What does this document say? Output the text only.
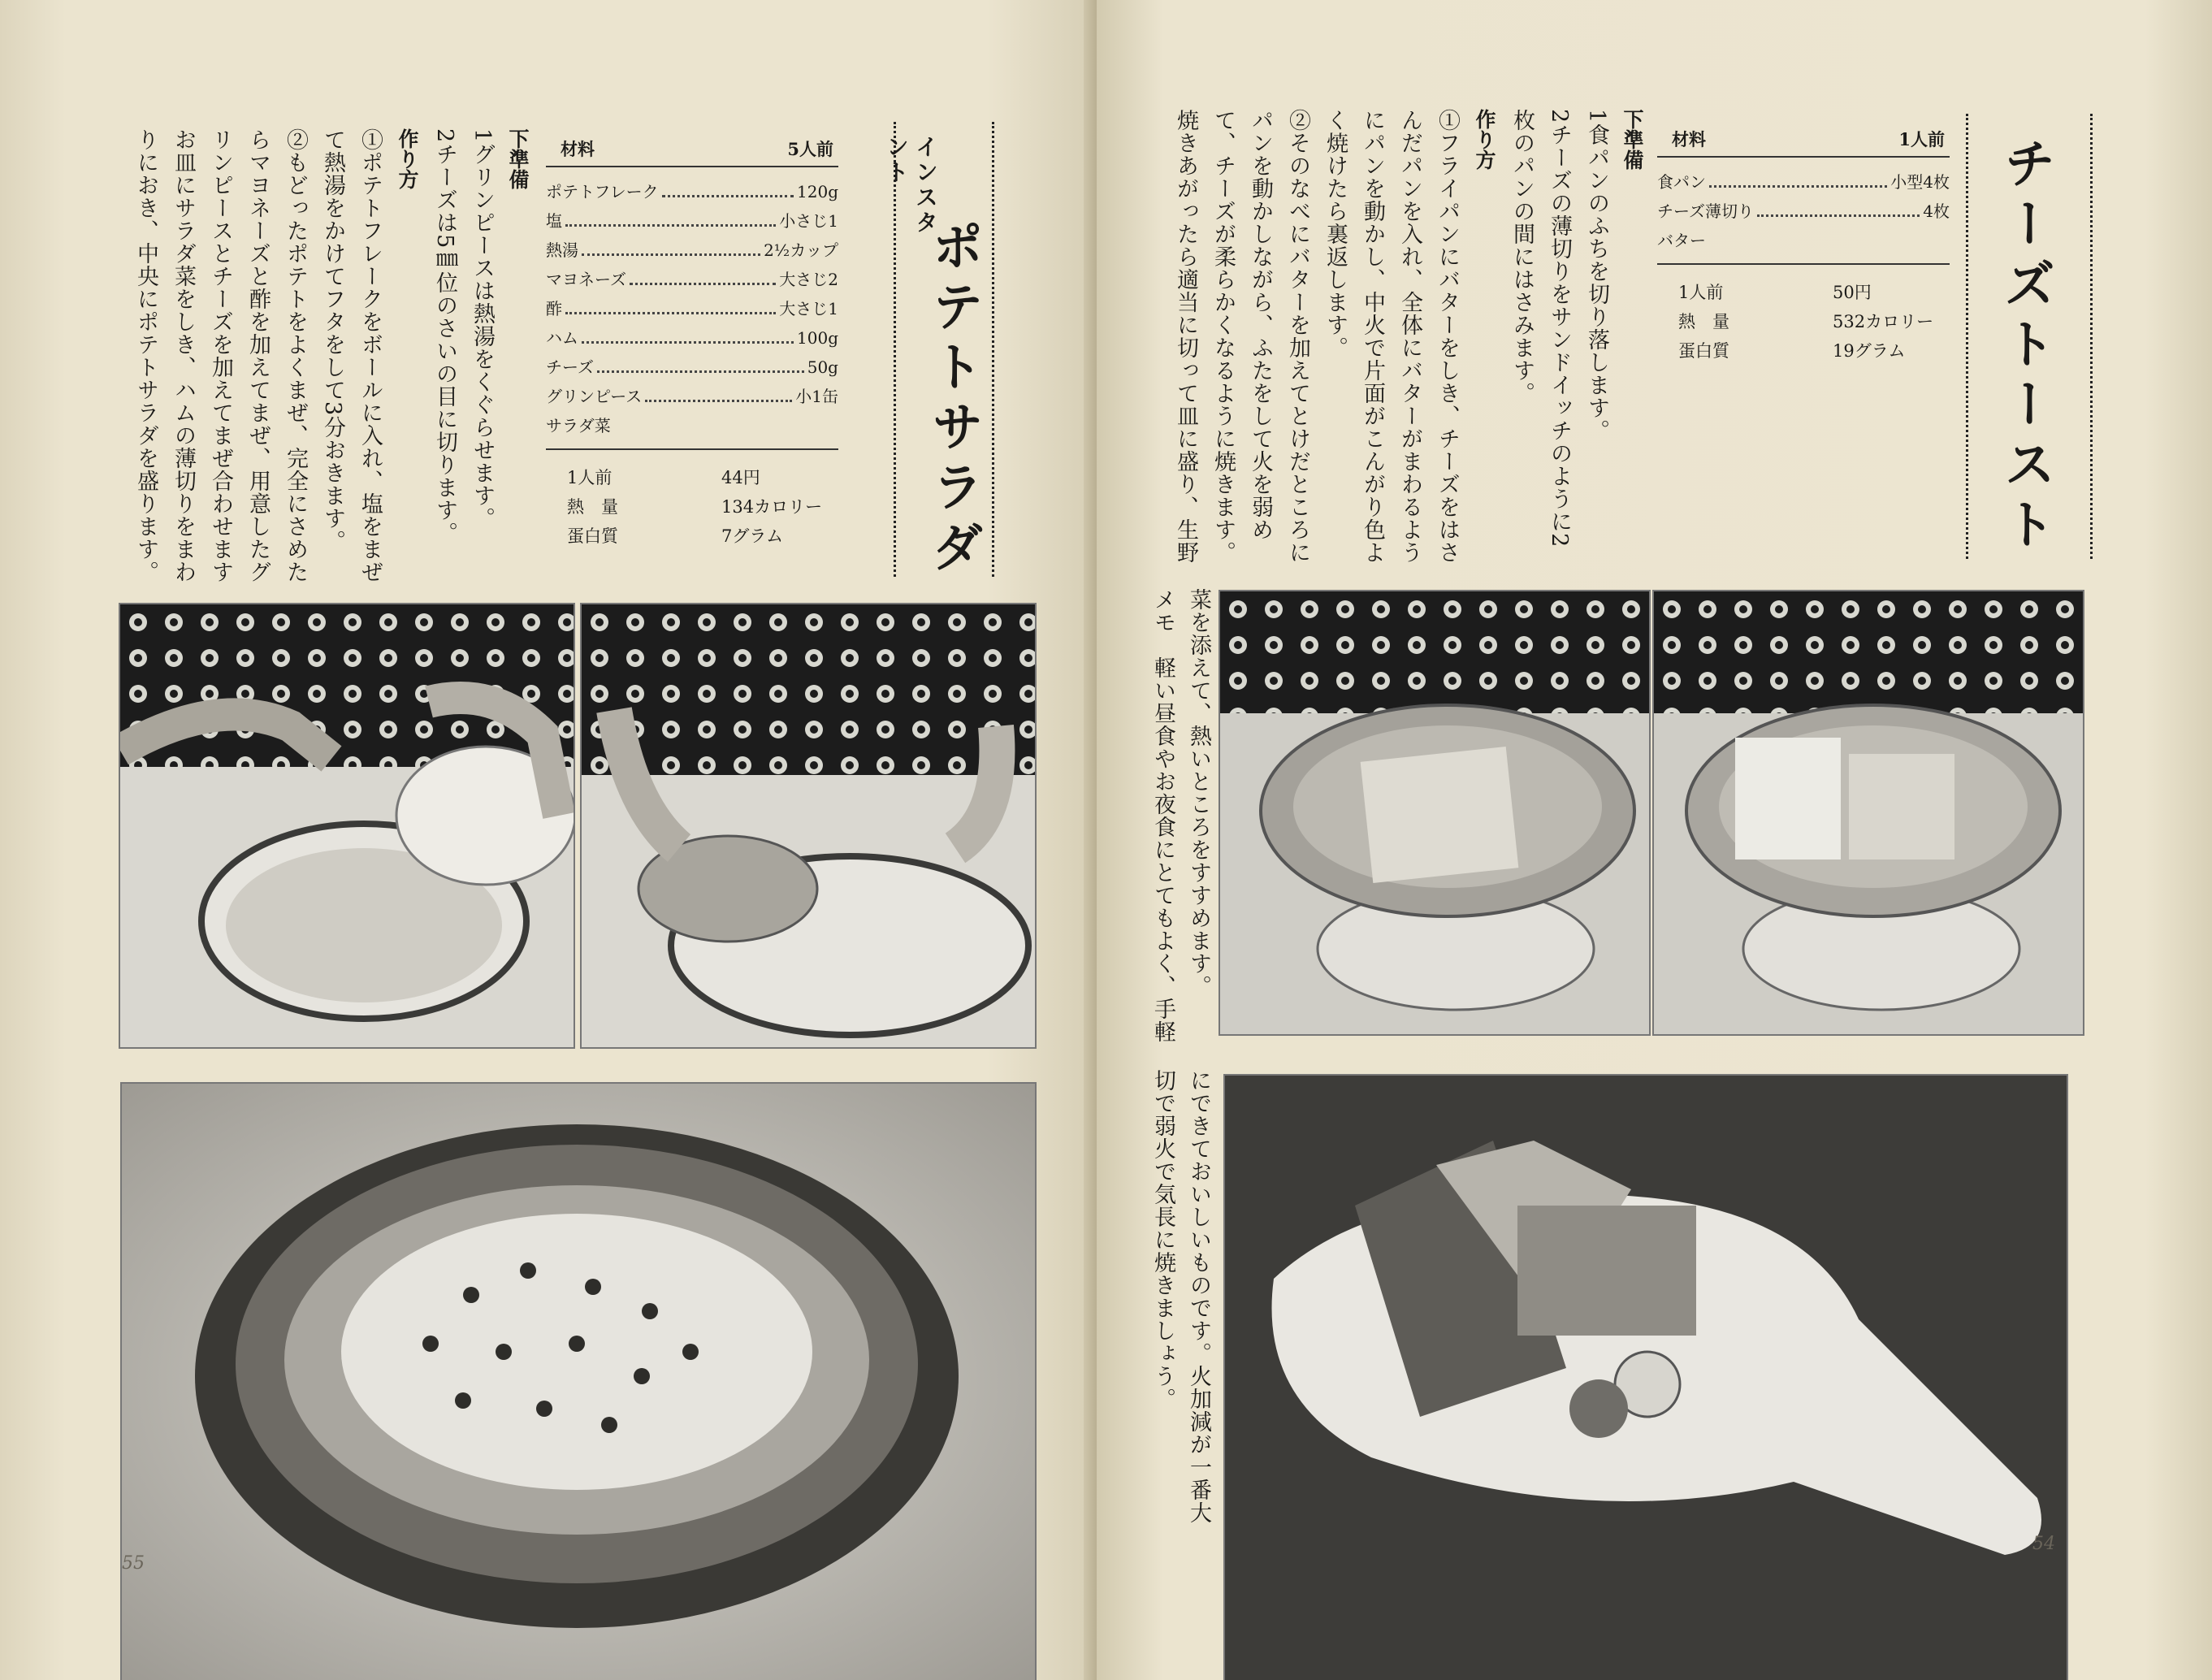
インスタント
ポテトサラダ
材料	5人前
ポテトフレーク	120g
塩	小さじ1
熱湯	2½カップ
マヨネーズ	大さじ2
酢	大さじ1
ハム	100g
チーズ	50g
グリンピース	小1缶
サラダ菜
1人前	44円
熱　量	134カロリー
蛋白質	7グラム
下準備
1グリンピースは熱湯をくぐらせます。
2チーズは5㎜位のさいの目に切ります。
作り方
①ポテトフレークをボールに入れ、塩をまぜ
て熱湯をかけてフタをして3分おきます。
②もどったポテトをよくまぜ、完全にさめた
らマヨネーズと酢を加えてまぜ、用意したグ
リンピースとチーズを加えてまぜ合わせます
お皿にサラダ菜をしき、ハムの薄切りをまわ
りにおき、中央にポテトサラダを盛ります。
55
チーズトースト
材料	1人前
食パン	小型4枚
チーズ薄切り	4枚
バター
1人前	50円
熱　量	532カロリー
蛋白質	19グラム
下準備
1食パンのふちを切り落します。
2チーズの薄切りをサンドイッチのように2
枚のパンの間にはさみます。
作り方
①フライパンにバターをしき、チーズをはさ
んだパンを入れ、全体にバターがまわるよう
にパンを動かし、中火で片面がこんがり色よ
く焼けたら裏返します。
②そのなべにバターを加えてとけだところに
パンを動かしながら、ふたをして火を弱め
て、チーズが柔らかくなるように焼きます。
焼きあがったら適当に切って皿に盛り、生野
菜を添えて、熱いところをすすめます。
メモ　軽い昼食やお夜食にとてもよく、手軽
にできておいしいものです。火加減が一番大
切で弱火で気長に焼きましょう。
54
